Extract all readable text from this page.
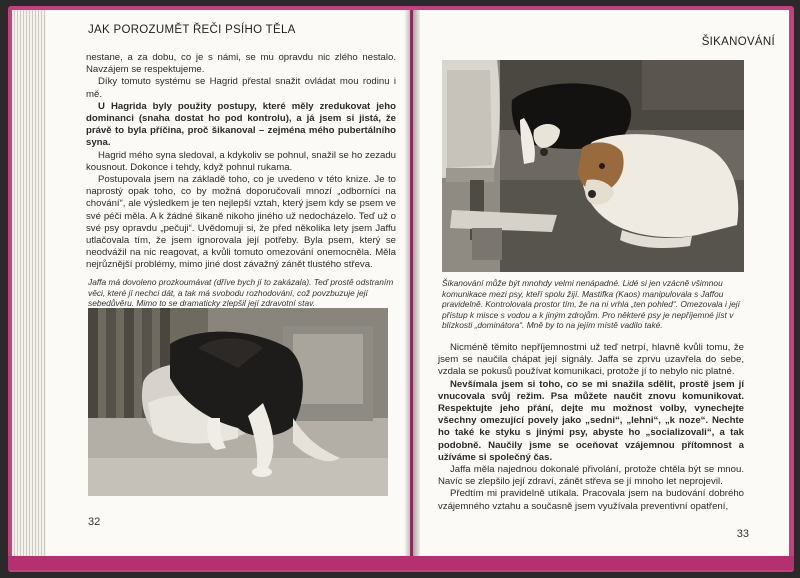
JAK POROZUMĚT ŘEČI PSÍHO TĚLA

nestane, a za dobu, co je s námi, se mu opravdu nic zlého nestalo. Navzájem se respektujeme.

Díky tomuto systému se Hagrid přestal snažit ovládat mou rodinu i mě.

U Hagrida byly použity postupy, které měly zredukovat jeho dominanci (snaha dostat ho pod kontrolu), a já jsem si jistá, že právě to byla příčina, proč šikanoval – zejména mého pubertálního syna.

Hagrid mého syna sledoval, a kdykoliv se pohnul, snažil se ho zezadu kousnout. Dokonce i tehdy, když pohnul rukama.

Postupovala jsem na základě toho, co je uvedeno v této knize. Je to naprostý opak toho, co by možná doporučovali mnozí „odborníci na chování“, ale výsledkem je ten nejlepší vztah, který jsem kdy se psem ve své péči měla. A k žádné šikaně nikoho jiného už nedocházelo. Teď už o své psy opravdu „pečuji“. Uvědomuji si, že před několika lety jsem Jaffu utlačovala tím, že jsem ignorovala její potřeby. Byla psem, který se neodvážil na nic reagovat, a kvůli tomuto omezování onemocněla. Měla nejrůznější problémy, mimo jiné dost závažný zánět tlustého střeva.

Jaffa má dovoleno prozkoumávat (dříve bych jí to zakázala). Teď prostě odstraním věci, které jí nechci dát, a tak má svobodu rozhodování, což povzbuzuje její sebedůvěru. Mimo to se dramaticky zlepšil její zdravotní stav.
32
ŠIKANOVÁNÍ
Šikanování může být mnohdy velmi nenápadné. Lidé si jen vzácně všimnou komunikace mezi psy, kteří spolu žijí. Mastifka (Kaos) manipulovala s Jaffou pravidelně. Kontrolovala prostor tím, že na ni vrhla „ten pohled“. Omezovala i její přístup k misce s vodou a k jiným zdrojům. Pro některé psy je nepříjemné jíst v blízkosti „dominátora“. Mně by to na jejím místě vadilo také.

Nicméně těmito nepříjemnostmi už teď netrpí, hlavně kvůli tomu, že jsem se naučila chápat její signály. Jaffa se zprvu uzavřela do sebe, vzdala se pokusů používat komunikaci, protože jí to nebylo nic platné.

Nevšímala jsem si toho, co se mi snažila sdělit, prostě jsem jí vnucovala svůj režim. Psa můžete naučit znovu komunikovat. Respektujte jeho přání, dejte mu možnost volby, vynechejte všechny omezující povely jako „sedni“, „lehni“, „k noze“. Nechte ho také ke styku s jinými psy, abyste ho „socializovali“, a tak podobně. Naučily jsme se oceňovat vzájemnou přítomnost a užíváme si společný čas.

Jaffa měla najednou dokonalé přivolání, protože chtěla být se mnou. Navíc se zlepšilo její zdraví, zánět střeva se jí mnoho let neprojevil.

Předtím mi pravidelně utíkala. Pracovala jsem na budování dobrého vzájemného vztahu a současně jsem využívala preventivní opatření,

33
